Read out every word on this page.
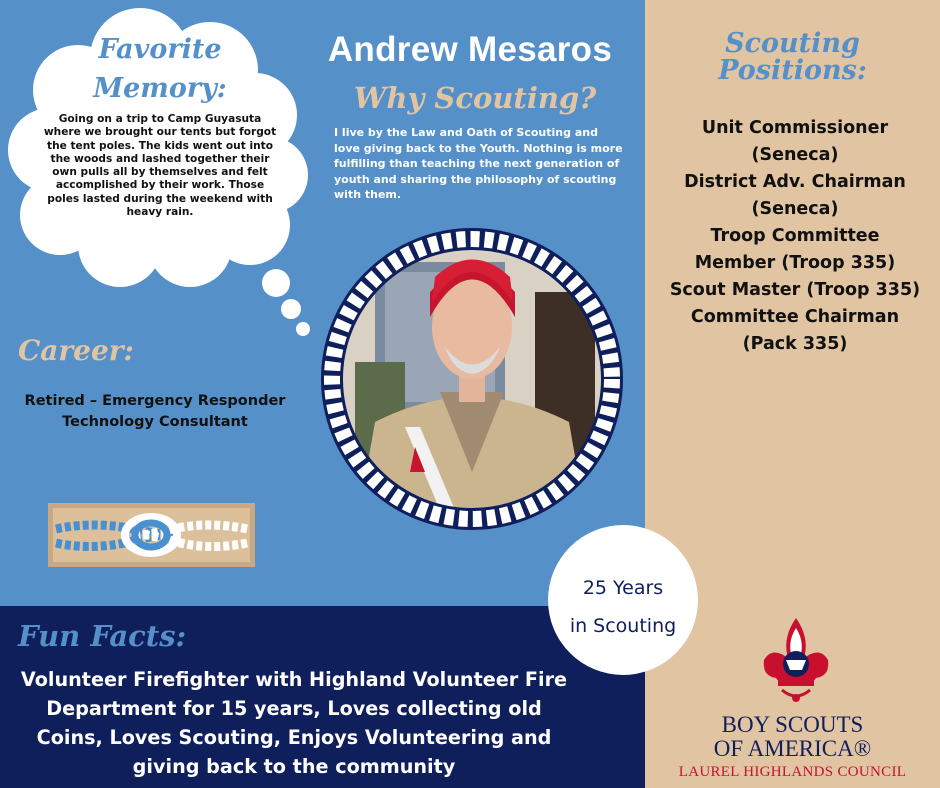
Favorite
Memory:
Going on a trip to Camp Guyasuta where we brought our tents but forgot the tent poles. The kids went out into the woods and lashed together their own pulls all by themselves and felt accomplished by their work. Those poles lasted during the weekend with heavy rain.
Andrew Mesaros
Why Scouting?
I live by the Law and Oath of Scouting and love giving back to the Youth. Nothing is more fulfilling than teaching the next generation of youth and sharing the philosophy of scouting with them.
Career:
Retired – Emergency Responder
Technology Consultant
25 Years
in Scouting
Scouting Positions:
Unit Commissioner
(Seneca)
District Adv. Chairman
(Seneca)
Troop Committee
Member (Troop 335)
Scout Master (Troop 335)
Committee Chairman
(Pack 335)
Fun Facts:
Volunteer Firefighter with Highland Volunteer Fire Department for 15 years, Loves collecting old Coins, Loves Scouting, Enjoys Volunteering and giving back to the community
BOY SCOUTS
OF AMERICA®
LAUREL HIGHLANDS COUNCIL
